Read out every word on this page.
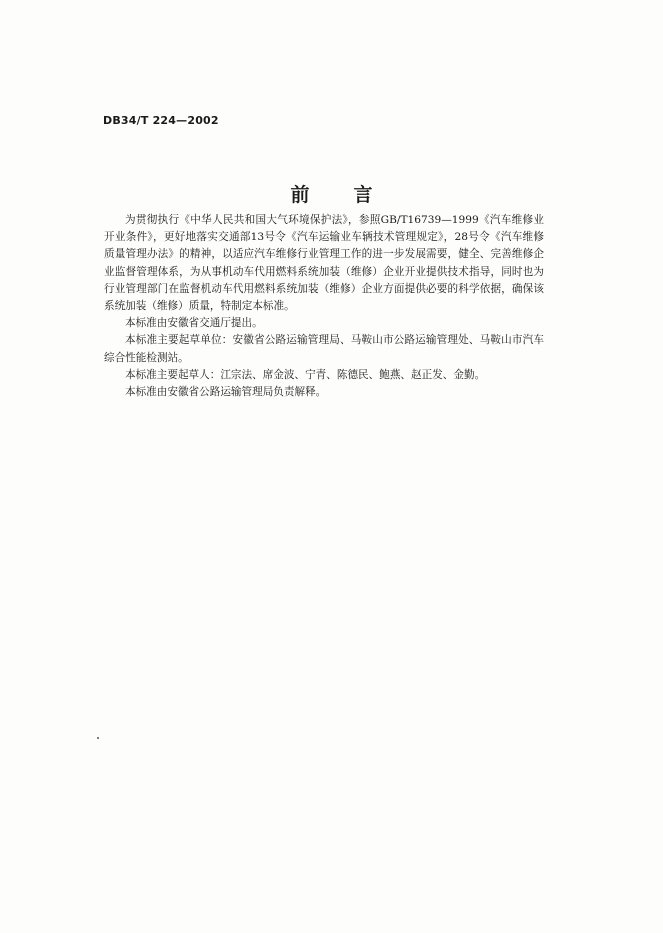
DB34/T 224—2002
前 言

为贯彻执行《中华人民共和国大气环境保护法》，参照GB/T16739—1999《汽车维修业开业条件》，更好地落实交通部13号令《汽车运输业车辆技术管理规定》，28号令《汽车维修质量管理办法》的精神，以适应汽车维修行业管理工作的进一步发展需要，健全、完善维修企业监督管理体系，为从事机动车代用燃料系统加装（维修）企业开业提供技术指导，同时也为行业管理部门在监督机动车代用燃料系统加装（维修）企业方面提供必要的科学依据，确保该系统加装（维修）质量，特制定本标准。

本标准由安徽省交通厅提出。

本标准主要起草单位：安徽省公路运输管理局、马鞍山市公路运输管理处、马鞍山市汽车综合性能检测站。

本标准主要起草人：江宗法、席金波、宁青、陈德民、鲍燕、赵正发、金勤。

本标准由安徽省公路运输管理局负责解释。
